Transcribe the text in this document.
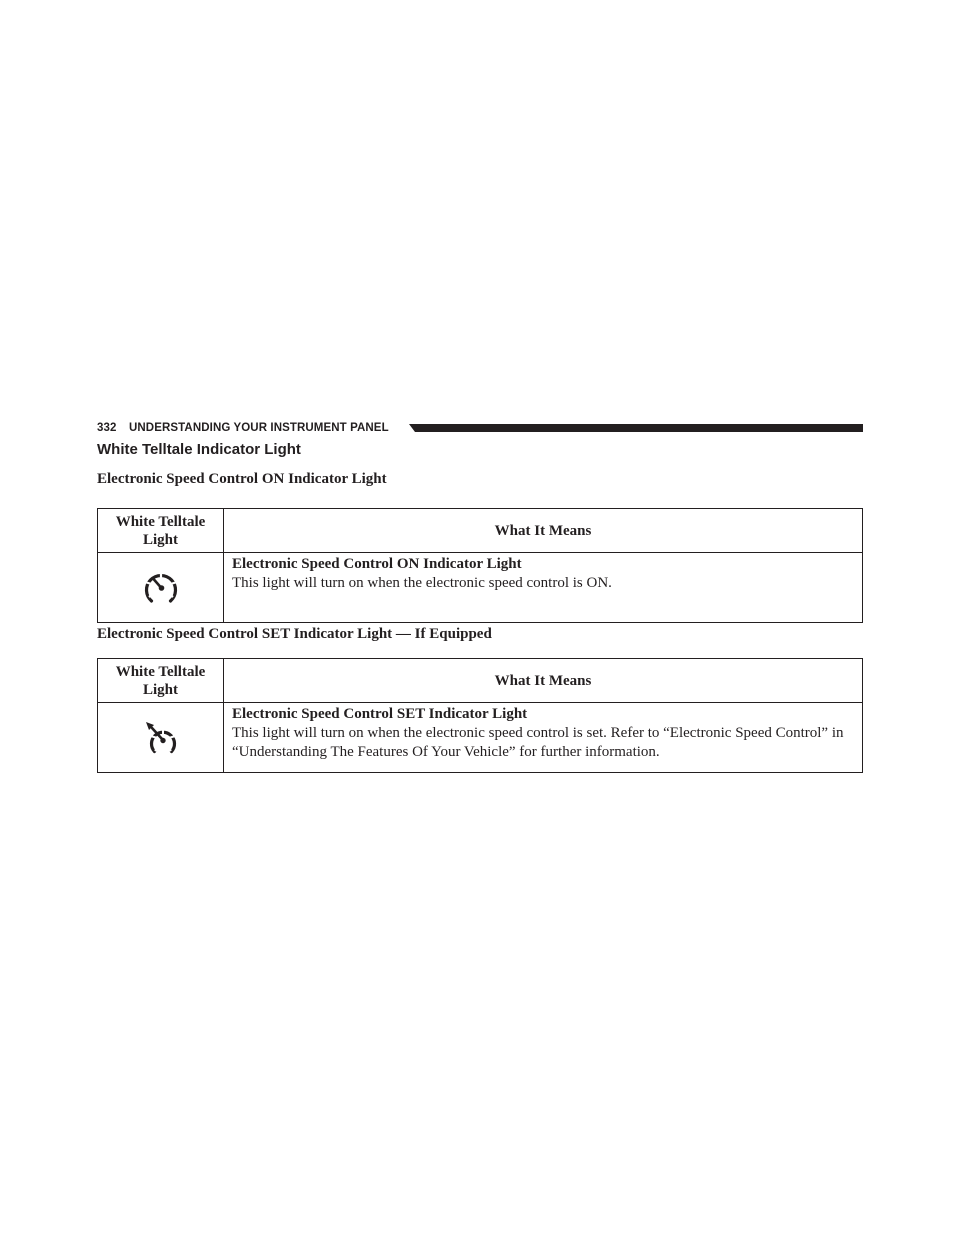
332 UNDERSTANDING YOUR INSTRUMENT PANEL
White Telltale Indicator Light
Electronic Speed Control ON Indicator Light
White Telltale Light	What It Means

Electronic Speed Control ON Indicator Light
This light will turn on when the electronic speed control is ON.
Electronic Speed Control SET Indicator Light — If Equipped
White Telltale Light	What It Means

Electronic Speed Control SET Indicator Light
This light will turn on when the electronic speed control is set. Refer to “Electronic Speed Control” in “Understanding The Features Of Your Vehicle” for further information.
